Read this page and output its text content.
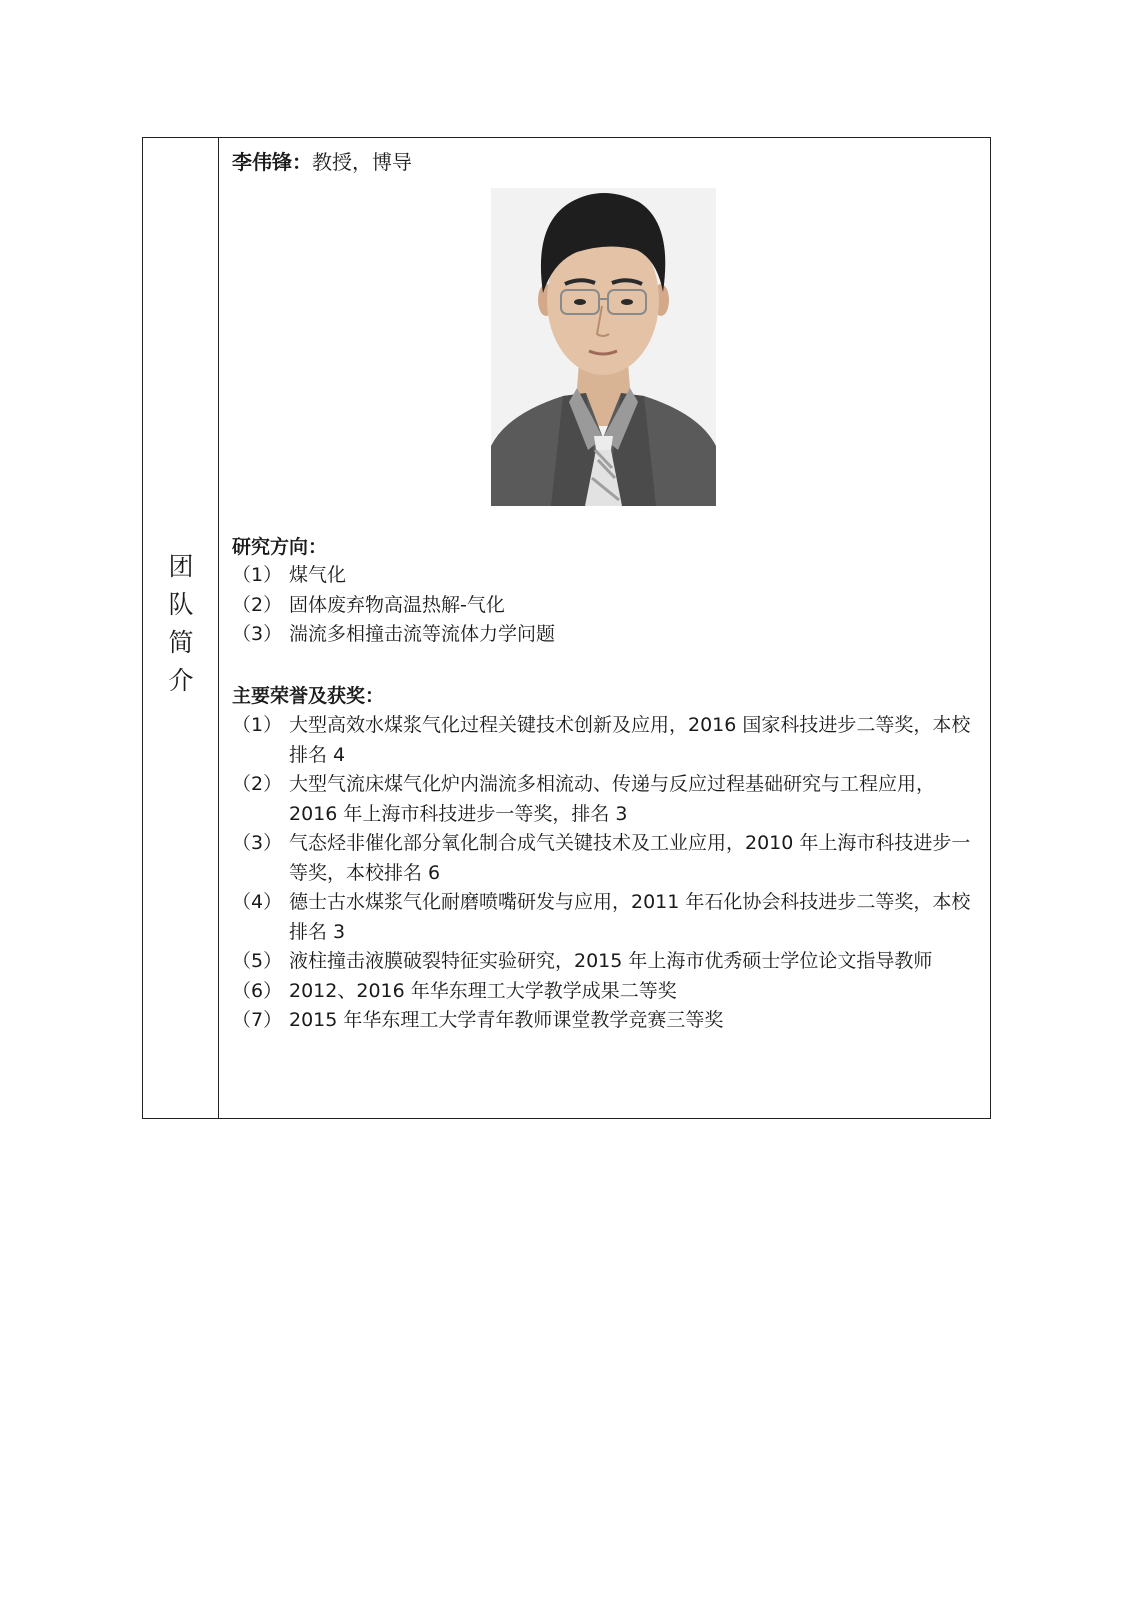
团
队
简
介
李伟锋：教授，博导
研究方向：
（1） 煤气化
（2） 固体废弃物高温热解-气化
（3） 湍流多相撞击流等流体力学问题
主要荣誉及获奖：
（1） 大型高效水煤浆气化过程关键技术创新及应用，2016 国家科技进步二等奖，本校排名 4
（2） 大型气流床煤气化炉内湍流多相流动、传递与反应过程基础研究与工程应用，2016 年上海市科技进步一等奖，排名 3
（3） 气态烃非催化部分氧化制合成气关键技术及工业应用，2010 年上海市科技进步一等奖，本校排名 6
（4） 德士古水煤浆气化耐磨喷嘴研发与应用，2011 年石化协会科技进步二等奖，本校排名 3
（5） 液柱撞击液膜破裂特征实验研究，2015 年上海市优秀硕士学位论文指导教师
（6） 2012、2016 年华东理工大学教学成果二等奖
（7） 2015 年华东理工大学青年教师课堂教学竞赛三等奖
